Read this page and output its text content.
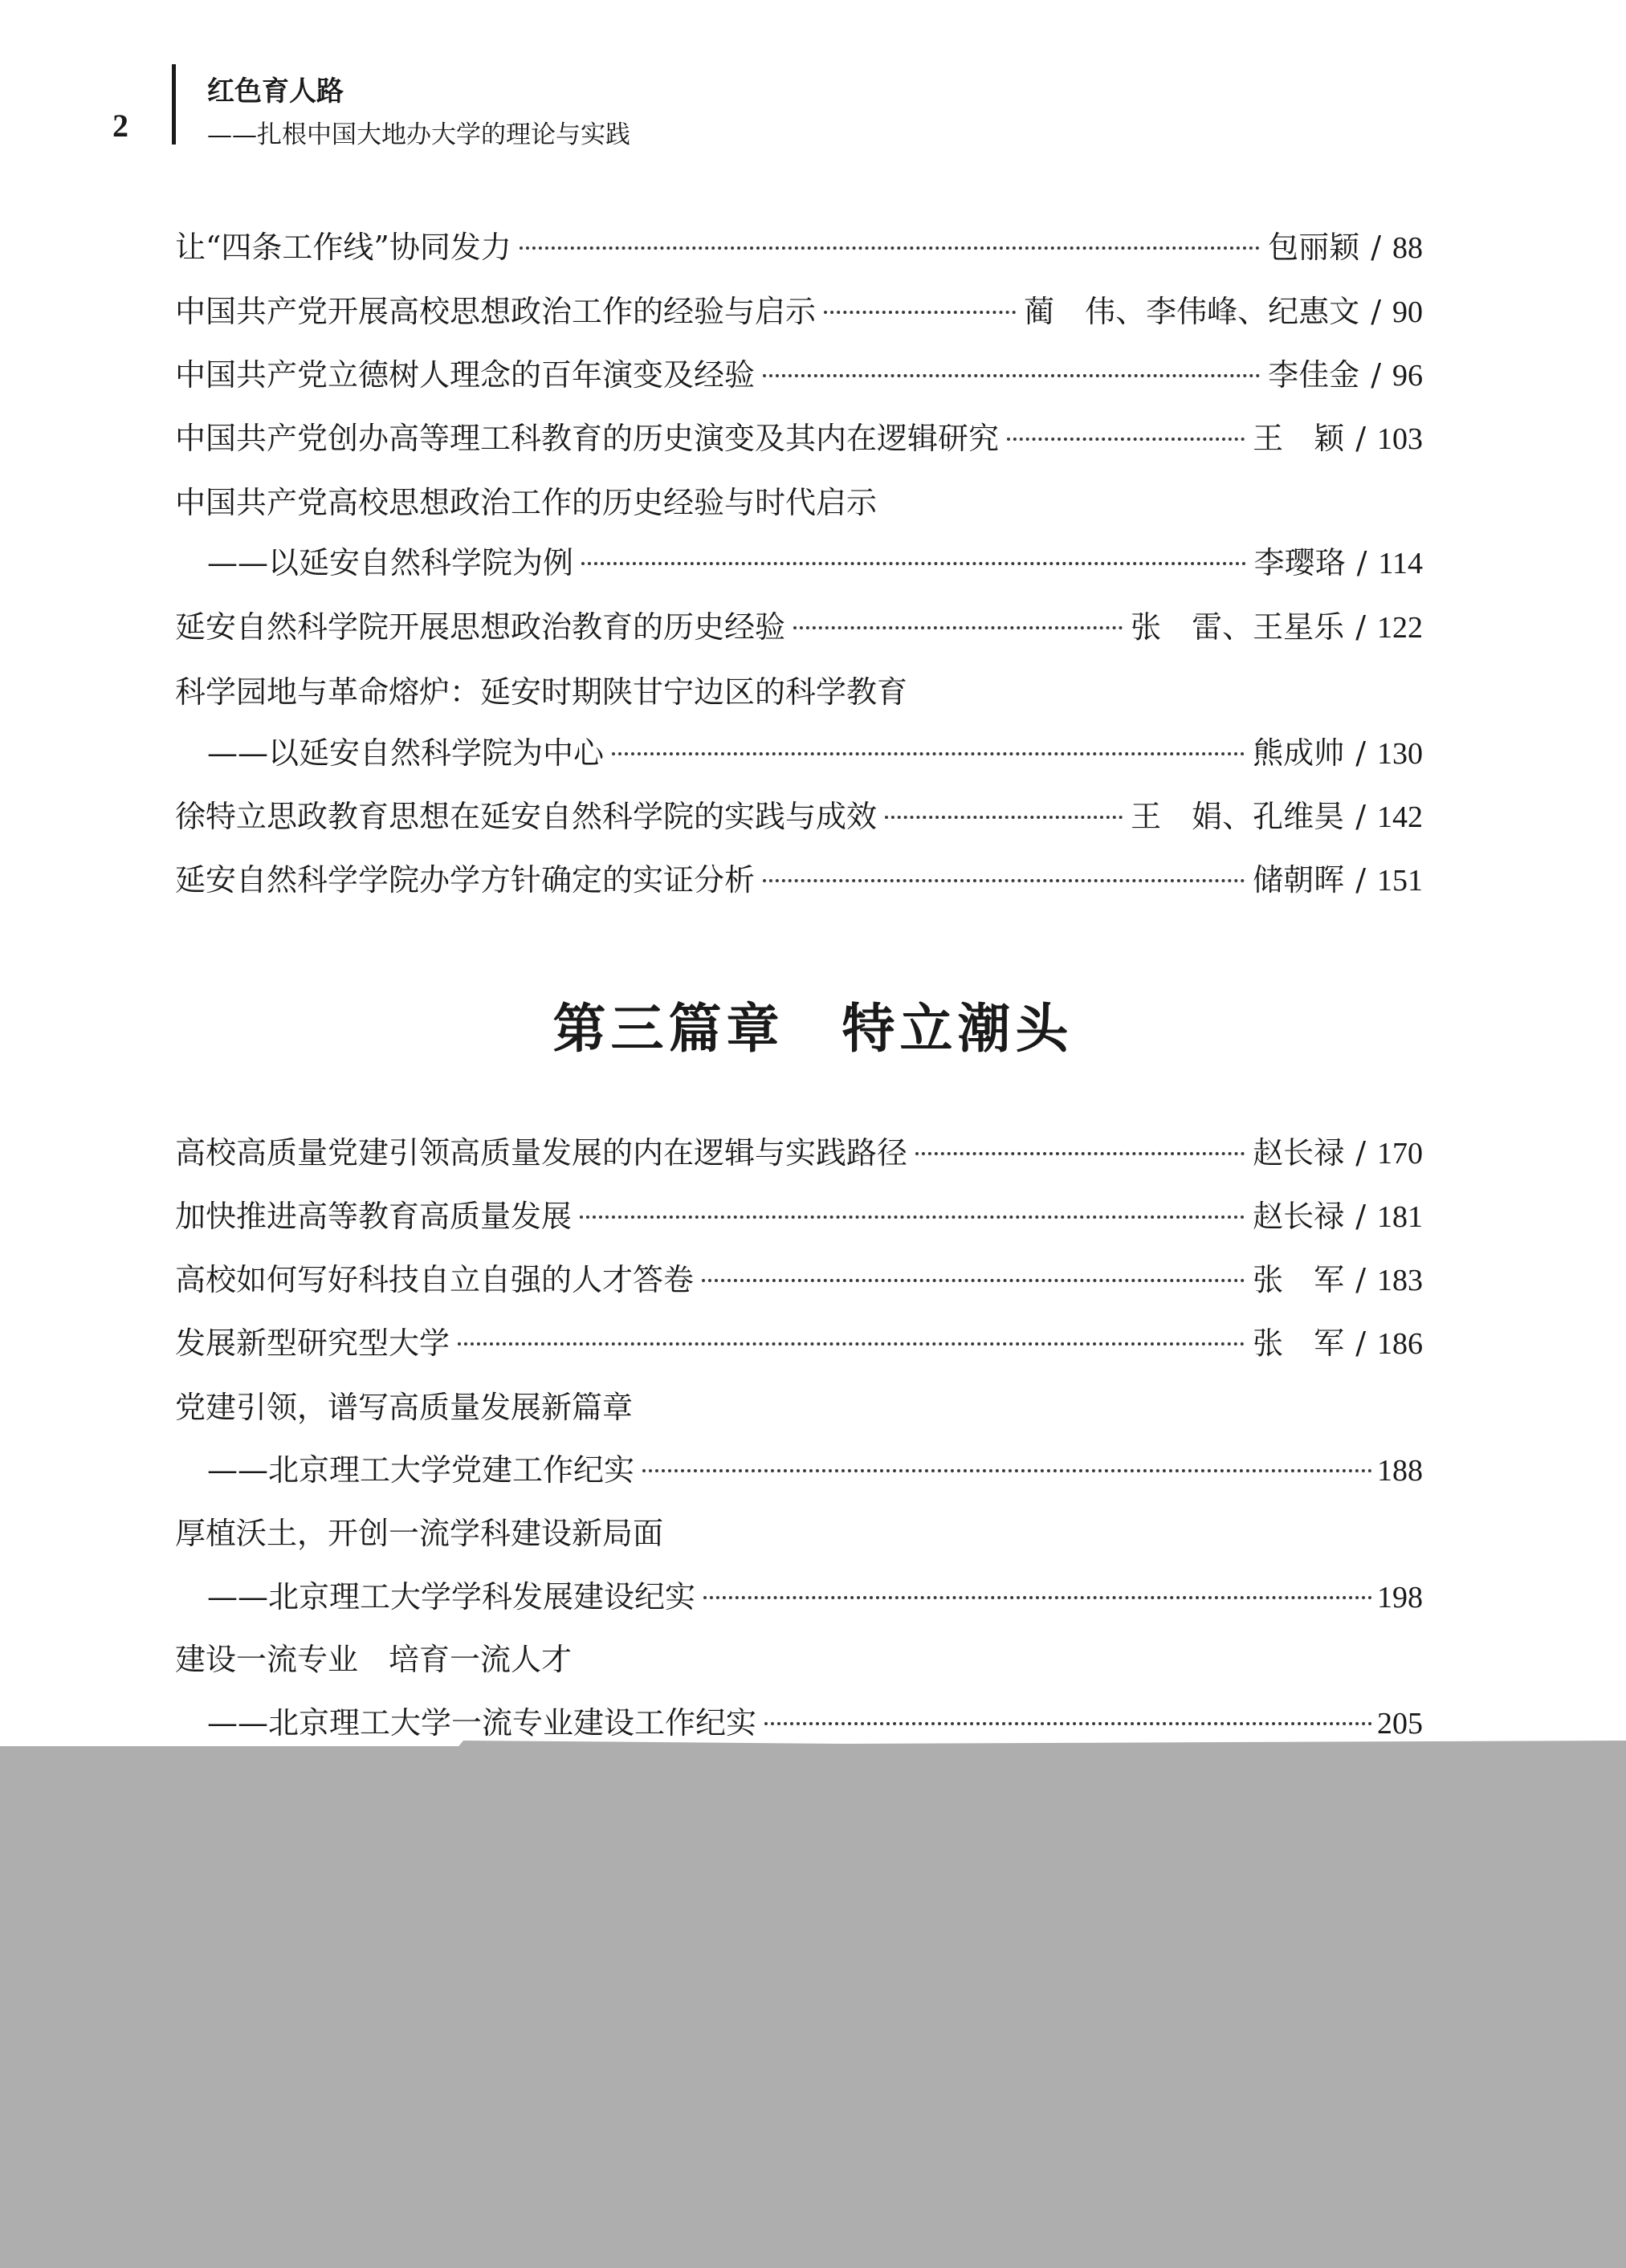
2
红色育人路
——扎根中国大地办大学的理论与实践
让“四条工作线”协同发力	包丽颖 / 88
中国共产党开展高校思想政治工作的经验与启示	蔺　伟、李伟峰、纪惠文 / 90
中国共产党立德树人理念的百年演变及经验	李佳金 / 96
中国共产党创办高等理工科教育的历史演变及其内在逻辑研究	王　颖 / 103
中国共产党高校思想政治工作的历史经验与时代启示
——以延安自然科学院为例	李璎珞 / 114
延安自然科学院开展思想政治教育的历史经验	张　雷、王星乐 / 122
科学园地与革命熔炉：延安时期陕甘宁边区的科学教育
——以延安自然科学院为中心	熊成帅 / 130
徐特立思政教育思想在延安自然科学院的实践与成效	王　娟、孔维昊 / 142
延安自然科学学院办学方针确定的实证分析	储朝晖 / 151
第三篇章　特立潮头
高校高质量党建引领高质量发展的内在逻辑与实践路径	赵长禄 / 170
加快推进高等教育高质量发展	赵长禄 / 181
高校如何写好科技自立自强的人才答卷	张　军 / 183
发展新型研究型大学	张　军 / 186
党建引领，谱写高质量发展新篇章
——北京理工大学党建工作纪实	188
厚植沃土，开创一流学科建设新局面
——北京理工大学学科发展建设纪实	198
建设一流专业　培育一流人才
——北京理工大学一流专业建设工作纪实	205
